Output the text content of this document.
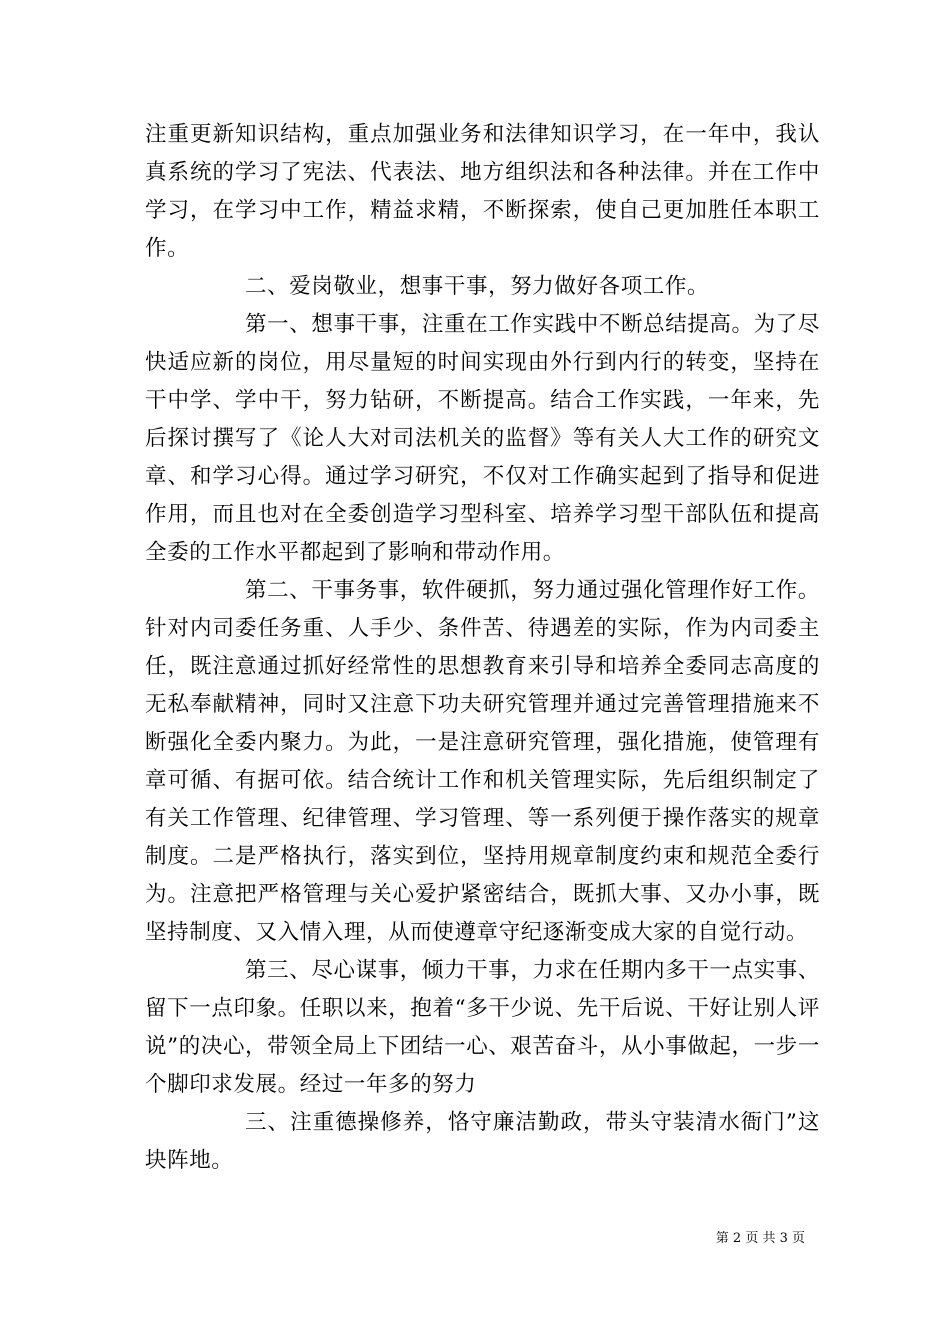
注重更新知识结构，重点加强业务和法律知识学习，在一年中，我认真系统的学习了宪法、代表法、地方组织法和各种法律。并在工作中学习，在学习中工作，精益求精，不断探索，使自己更加胜任本职工作。

二、爱岗敬业，想事干事，努力做好各项工作。

第一、想事干事，注重在工作实践中不断总结提高。为了尽快适应新的岗位，用尽量短的时间实现由外行到内行的转变，坚持在干中学、学中干，努力钻研，不断提高。结合工作实践，一年来，先后探讨撰写了《论人大对司法机关的监督》等有关人大工作的研究文章、和学习心得。通过学习研究，不仅对工作确实起到了指导和促进作用，而且也对在全委创造学习型科室、培养学习型干部队伍和提高全委的工作水平都起到了影响和带动作用。

第二、干事务事，软件硬抓，努力通过强化管理作好工作。针对内司委任务重、人手少、条件苦、待遇差的实际，作为内司委主任，既注意通过抓好经常性的思想教育来引导和培养全委同志高度的无私奉献精神，同时又注意下功夫研究管理并通过完善管理措施来不断强化全委内聚力。为此，一是注意研究管理，强化措施，使管理有章可循、有据可依。结合统计工作和机关管理实际，先后组织制定了有关工作管理、纪律管理、学习管理、等一系列便于操作落实的规章制度。二是严格执行，落实到位，坚持用规章制度约束和规范全委行为。注意把严格管理与关心爱护紧密结合，既抓大事、又办小事，既坚持制度、又入情入理，从而使遵章守纪逐渐变成大家的自觉行动。

第三、尽心谋事，倾力干事，力求在任期内多干一点实事、留下一点印象。任职以来，抱着“多干少说、先干后说、干好让别人评说”的决心，带领全局上下团结一心、艰苦奋斗，从小事做起，一步一个脚印求发展。经过一年多的努力

三、注重德操修养，恪守廉洁勤政，带头守装清水衙门”这块阵地。

第 2 页 共 3 页
